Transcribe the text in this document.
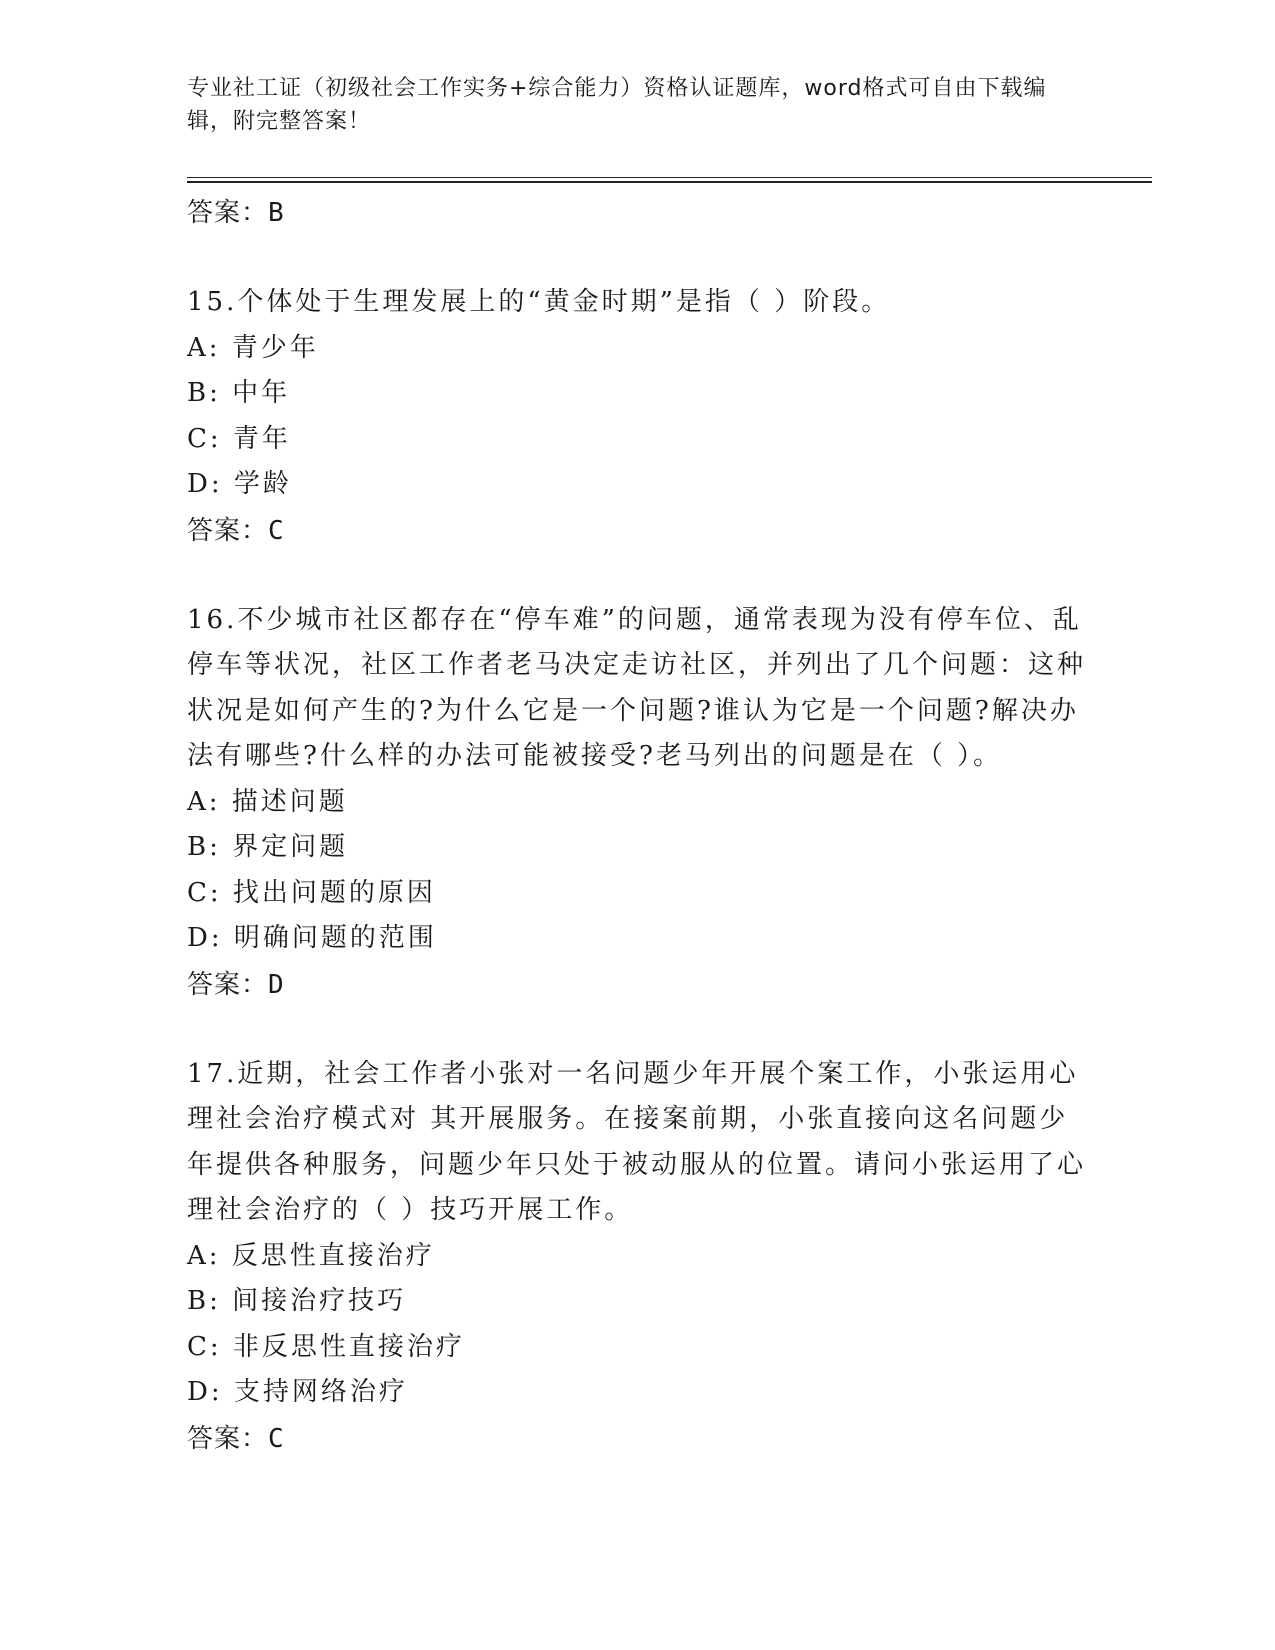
专业社工证（初级社会工作实务+综合能力）资格认证题库，word格式可自由下载编辑，附完整答案！
答案：B
15.个体处于生理发展上的“黄金时期”是指（ ）阶段。
A: 青少年
B: 中年
C: 青年
D: 学龄
答案：C
16.不少城市社区都存在“停车难”的问题，通常表现为没有停车位、乱停车等状况，社区工作者老马决定走访社区，并列出了几个问题：这种状况是如何产生的?为什么它是一个问题?谁认为它是一个问题?解决办法有哪些?什么样的办法可能被接受?老马列出的问题是在（ ）。
A: 描述问题
B: 界定问题
C: 找出问题的原因
D: 明确问题的范围
答案：D
17.近期，社会工作者小张对一名问题少年开展个案工作，小张运用心理社会治疗模式对 其开展服务。在接案前期，小张直接向这名问题少年提供各种服务，问题少年只处于被动服从的位置。请问小张运用了心理社会治疗的（ ）技巧开展工作。
A: 反思性直接治疗
B: 间接治疗技巧
C: 非反思性直接治疗
D: 支持网络治疗
答案：C
